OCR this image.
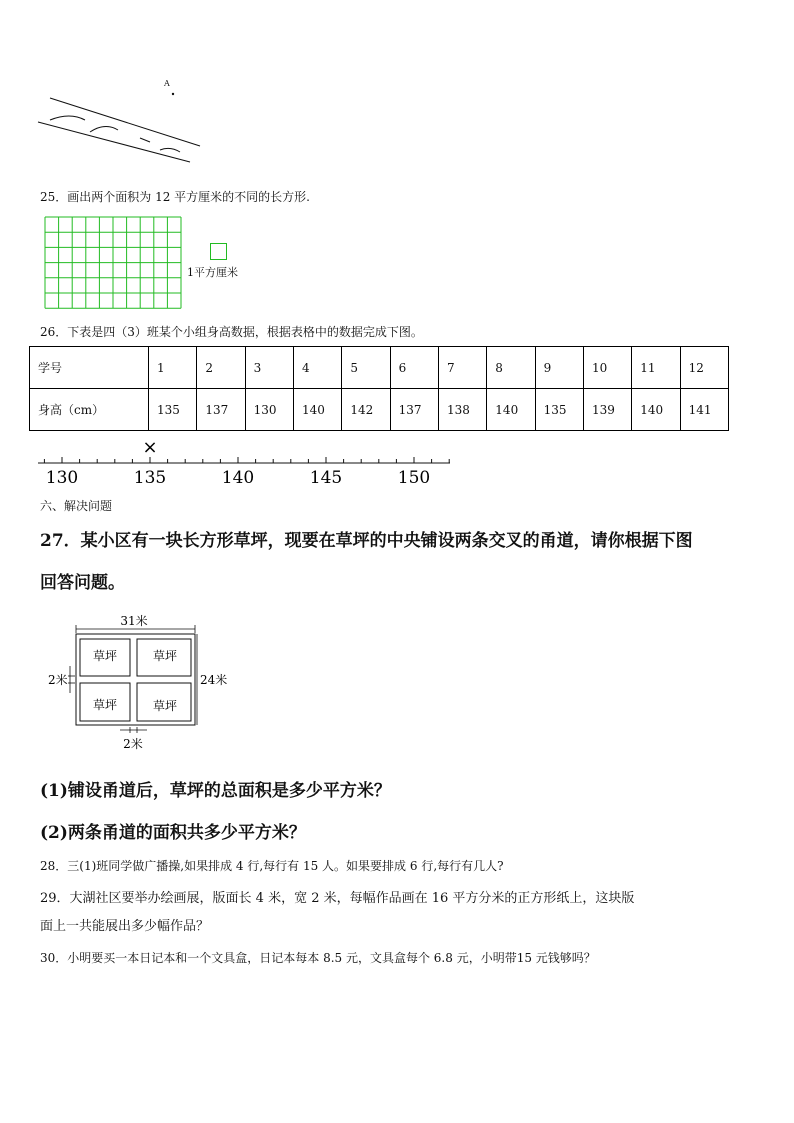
A
25．画出两个面积为 12 平方厘米的不同的长方形.
1平方厘米
26．下表是四（3）班某个小组身高数据，根据表格中的数据完成下图。
学号	1	2	3	4	5	6	7	8	9	10	11	12
身高（cm）	135	137	130	140	142	137	138	140	135	139	140	141
130	135	140	145	150
×
六、解决问题
27．某小区有一块长方形草坪，现要在草坪的中央铺设两条交叉的甬道，请你根据下图
回答问题。
31米
草坪	草坪
草坪	草坪
24米
2米
2米
(1)铺设甬道后，草坪的总面积是多少平方米？
(2)两条甬道的面积共多少平方米？
28．三(1)班同学做广播操,如果排成 4 行,每行有 15 人。如果要排成 6 行,每行有几人?
29．大湖社区要举办绘画展，版面长 4 米，宽 2 米，每幅作品画在 16 平方分米的正方形纸上，这块版
面上一共能展出多少幅作品？
30．小明要买一本日记本和一个文具盒，日记本每本 8.5 元，文具盒每个 6.8 元，小明带15 元钱够吗？
